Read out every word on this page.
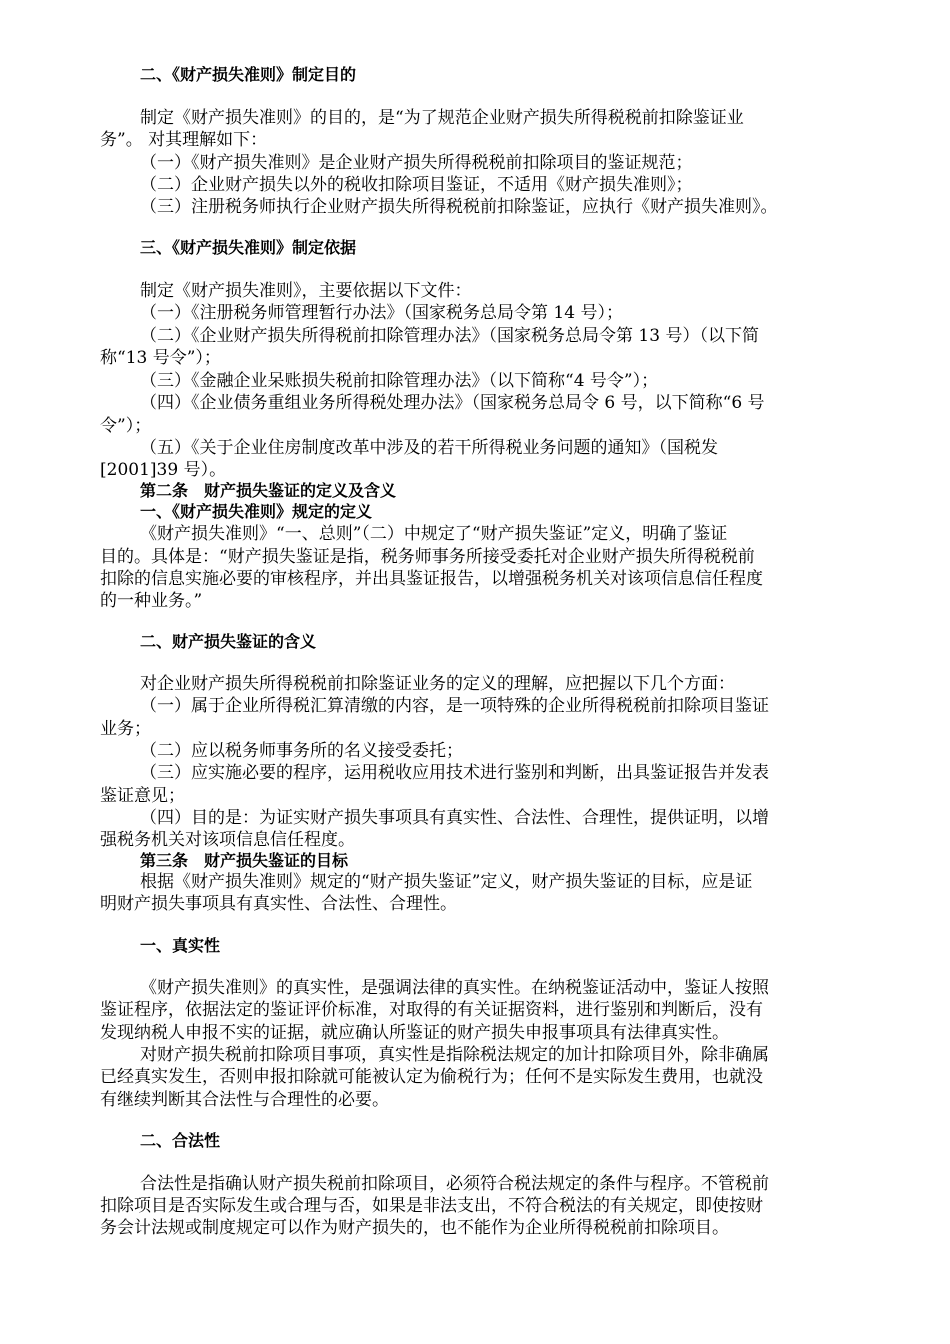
二、《财产损失准则》制定目的
制定《财产损失准则》的目的，是“为了规范企业财产损失所得税税前扣除鉴证业
务”。 对其理解如下：
（一）《财产损失准则》是企业财产损失所得税税前扣除项目的鉴证规范；
（二）企业财产损失以外的税收扣除项目鉴证，不适用《财产损失准则》；
（三）注册税务师执行企业财产损失所得税税前扣除鉴证，应执行《财产损失准则》。
三、《财产损失准则》制定依据
制定《财产损失准则》，主要依据以下文件：
（一）《注册税务师管理暂行办法》（国家税务总局令第 14 号）；
（二）《企业财产损失所得税前扣除管理办法》（国家税务总局令第 13 号）（以下简
称“13 号令”）；
（三）《金融企业呆账损失税前扣除管理办法》（以下简称“4 号令”）；
（四）《企业债务重组业务所得税处理办法》（国家税务总局令 6 号，以下简称“6 号
令”）；
（五）《关于企业住房制度改革中涉及的若干所得税业务问题的通知》（国税发
[2001]39 号）。
第二条　财产损失鉴证的定义及含义
一、《财产损失准则》规定的定义
《财产损失准则》“一、总则”（二）中规定了“财产损失鉴证”定义，明确了鉴证
目的。具体是：“财产损失鉴证是指，税务师事务所接受委托对企业财产损失所得税税前
扣除的信息实施必要的审核程序，并出具鉴证报告，以增强税务机关对该项信息信任程度
的一种业务。”
二、财产损失鉴证的含义
对企业财产损失所得税税前扣除鉴证业务的定义的理解，应把握以下几个方面：
（一）属于企业所得税汇算清缴的内容，是一项特殊的企业所得税税前扣除项目鉴证
业务；
（二）应以税务师事务所的名义接受委托；
（三）应实施必要的程序，运用税收应用技术进行鉴别和判断，出具鉴证报告并发表
鉴证意见；
（四）目的是：为证实财产损失事项具有真实性、合法性、合理性，提供证明，以增
强税务机关对该项信息信任程度。
第三条　财产损失鉴证的目标
根据《财产损失准则》规定的“财产损失鉴证”定义，财产损失鉴证的目标，应是证
明财产损失事项具有真实性、合法性、合理性。
一、真实性
《财产损失准则》的真实性，是强调法律的真实性。在纳税鉴证活动中，鉴证人按照
鉴证程序，依据法定的鉴证评价标准，对取得的有关证据资料，进行鉴别和判断后，没有
发现纳税人申报不实的证据，就应确认所鉴证的财产损失申报事项具有法律真实性。
对财产损失税前扣除项目事项，真实性是指除税法规定的加计扣除项目外，除非确属
已经真实发生，否则申报扣除就可能被认定为偷税行为；任何不是实际发生费用，也就没
有继续判断其合法性与合理性的必要。
二、合法性
合法性是指确认财产损失税前扣除项目，必须符合税法规定的条件与程序。不管税前
扣除项目是否实际发生或合理与否，如果是非法支出，不符合税法的有关规定，即使按财
务会计法规或制度规定可以作为财产损失的，也不能作为企业所得税税前扣除项目。
